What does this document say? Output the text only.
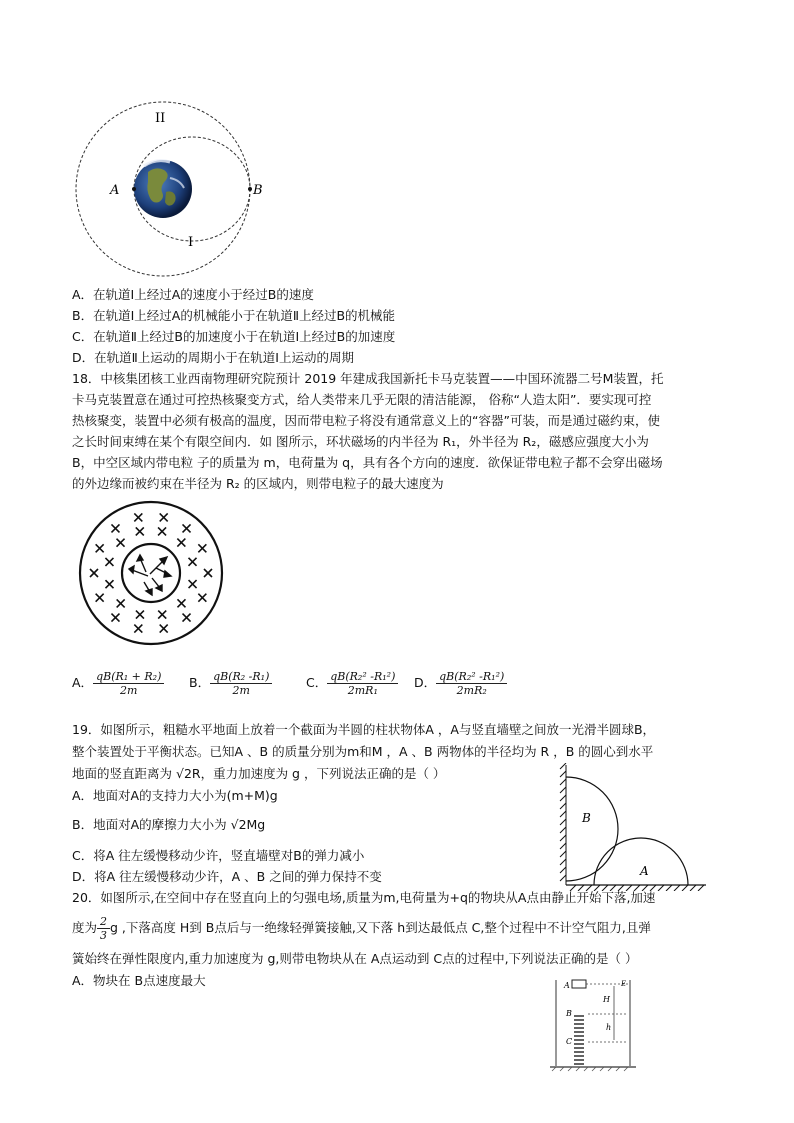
II
I
A	B
A．在轨道Ⅰ上经过A的速度小于经过B的速度
B．在轨道Ⅰ上经过A的机械能小于在轨道Ⅱ上经过B的机械能
C．在轨道Ⅱ上经过B的加速度小于在轨道Ⅰ上经过B的加速度
D．在轨道Ⅱ上运动的周期小于在轨道Ⅰ上运动的周期
18．中核集团核工业西南物理研究院预计 2019 年建成我国新托卡马克装置——中国环流器二号M装置，托
卡马克装置意在通过可控热核聚变方式，给人类带来几乎无限的清洁能源， 俗称“人造太阳”．要实现可控
热核聚变，装置中必须有极高的温度，因而带电粒子将没有通常意义上的“容器”可装，而是通过磁约束，使
之长时间束缚在某个有限空间内．如 图所示，环状磁场的内半径为 R₁，外半径为 R₂，磁感应强度大小为
B，中空区域内带电粒 子的质量为 m，电荷量为 q，具有各个方向的速度．欲保证带电粒子都不会穿出磁场
的外边缘而被约束在半径为 R₂ 的区域内，则带电粒子的最大速度为
A． $\frac{\text{qB(R₁ + R₂)}}{2m}$ B． $\frac{\text{qB(R₂ -R₁)}}{2m}$	C． $\frac{\text{qB(R₂² -R₁²)}}{\text{2mR₁}}$ D． $\frac{\text{qB(R₂² -R₁²)}}{\text{2mR₂}}$
19．如图所示，粗糙水平地面上放着一个截面为半圆的柱状物体A ，A与竖直墙壁之间放一光滑半圆球B，
整个装置处于平衡状态。已知A 、B 的质量分别为m和M ，A 、B 两物体的半径均为 R ，B 的圆心到水平
地面的竖直距离为 √2R，重力加速度为 g ，下列说法正确的是（ ）
A．地面对A的支持力大小为(m+M)g
B．地面对A的摩擦力大小为 √2Mg
C．将A 往左缓慢移动少许，竖直墙壁对B的弹力减小
D．将A 往左缓慢移动少许，A 、B 之间的弹力保持不变
B
A
20．如图所示,在空间中存在竖直向上的匀强电场,质量为m,电荷量为+q的物块从A点由静止开始下落,加速
度为 $\frac{2}{3}$ g ,下落高度 H到 B点后与一绝缘轻弹簧接触,又下落 h到达最低点 C,整个过程中不计空气阻力,且弹
簧始终在弹性限度内,重力加速度为 g,则带电物块从在 A点运动到 C点的过程中,下列说法正确的是（ ）
A．物块在 B点速度最大	A	E
H
B
h
C
